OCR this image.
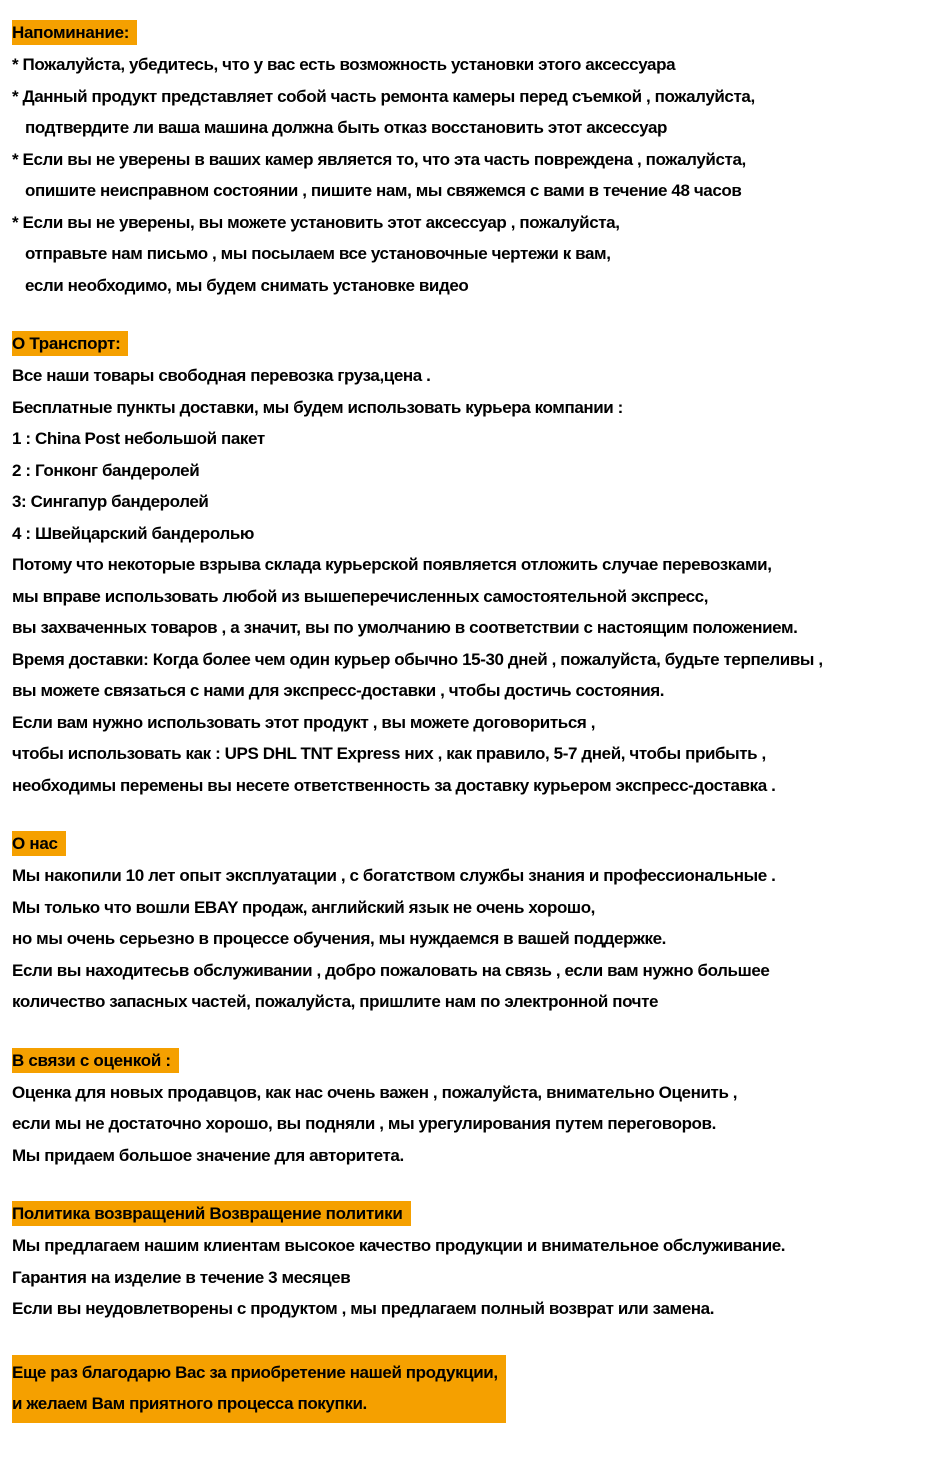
Напоминание:
* Пожалуйста, убедитесь, что у вас есть возможность установки этого аксессуара
* Данный продукт представляет собой часть ремонта камеры перед съемкой , пожалуйста,
подтвердите ли ваша машина должна быть отказ восстановить этот аксессуар
* Если вы не уверены в ваших камер является то, что эта часть повреждена , пожалуйста,
опишите неисправном состоянии , пишите нам, мы свяжемся с вами в течение 48 часов
* Если вы не уверены, вы можете установить этот аксессуар , пожалуйста,
отправьте нам письмо , мы посылаем все установочные чертежи к вам,
если необходимо, мы будем снимать установке видео
О Транспорт:
Все наши товары свободная перевозка груза,цена .
Бесплатные пункты доставки, мы будем использовать курьера компании :
1 : China Post небольшой пакет
2 : Гонконг бандеролей
3: Сингапур бандеролей
4 : Швейцарский бандеролью
Потому что некоторые взрыва склада курьерской появляется отложить случае перевозками,
мы вправе использовать любой из вышеперечисленных самостоятельной экспресс,
вы захваченных товаров , а значит, вы по умолчанию в соответствии с настоящим положением.
Время доставки: Когда более чем один курьер обычно 15-30 дней , пожалуйста, будьте терпеливы ,
вы можете связаться с нами для экспресс-доставки , чтобы достичь состояния.
Если вам нужно использовать этот продукт , вы можете договориться ,
чтобы использовать как : UPS DHL TNT Express них , как правило, 5-7 дней, чтобы прибыть ,
необходимы перемены вы несете ответственность за доставку курьером экспресс-доставка .
О нас
Мы накопили 10 лет опыт эксплуатации , с богатством службы знания и профессиональные .
Мы только что вошли EBAY продаж, английский язык не очень хорошо,
но мы очень серьезно в процессе обучения, мы нуждаемся в вашей поддержке.
Если вы находитесьв обслуживании , добро пожаловать на связь , если вам нужно большее
количество запасных частей, пожалуйста, пришлите нам по электронной почте
В связи с оценкой :
Оценка для новых продавцов, как нас очень важен , пожалуйста, внимательно Оценить ,
если мы не достаточно хорошо, вы подняли , мы урегулирования путем переговоров.
Мы придаем большое значение для авторитета.
Политика возвращений Возвращение политики
Мы предлагаем нашим клиентам высокое качество продукции и внимательное обслуживание.
Гарантия на изделие в течение 3 месяцев
Если вы неудовлетворены с продуктом , мы предлагаем полный возврат или замена.
Еще раз благодарю Вас за приобретение нашей продукции,
и желаем Вам приятного процесса покупки.
